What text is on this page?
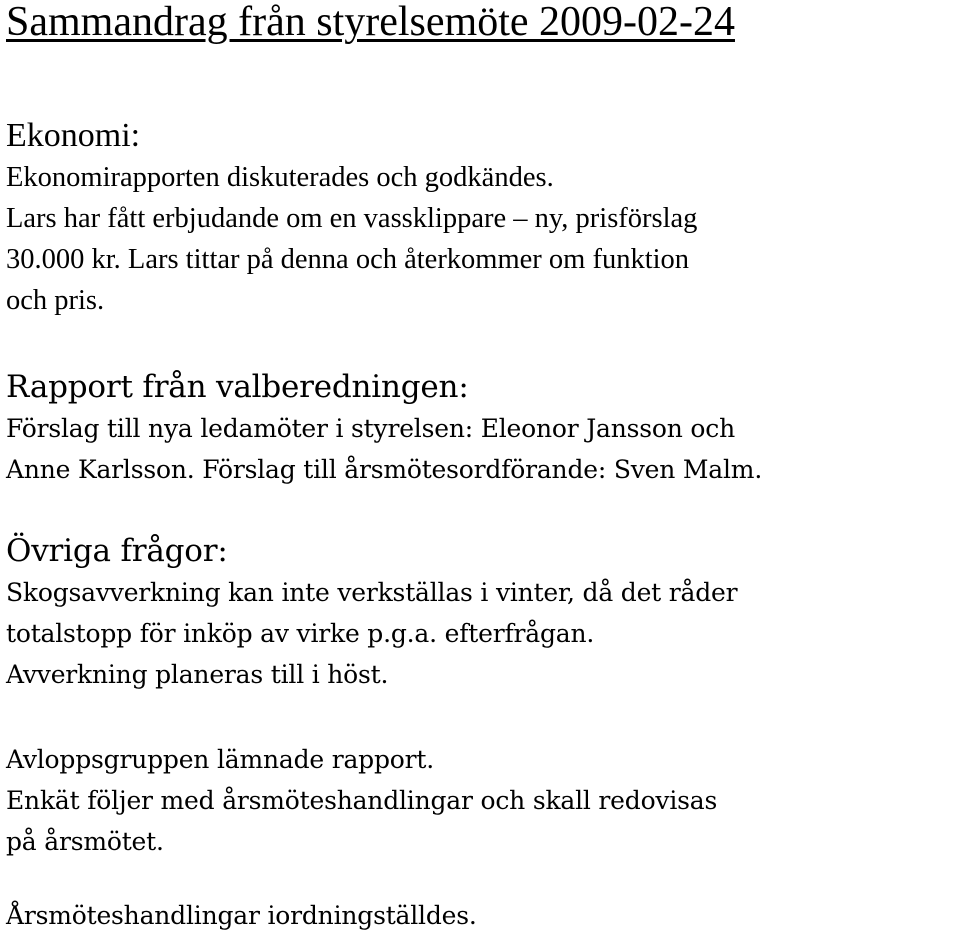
Sammandrag från styrelsemöte 2009-02-24

Ekonomi:

Ekonomirapporten diskuterades och godkändes.

Lars har fått erbjudande om en vassklippare – ny, prisförslag

30.000 kr. Lars tittar på denna och återkommer om funktion

och pris.

Rapport från valberedningen:

Förslag till nya ledamöter i styrelsen: Eleonor Jansson och

Anne Karlsson. Förslag till årsmötesordförande: Sven Malm.

Övriga frågor:

Skogsavverkning kan inte verkställas i vinter, då det råder

totalstopp för inköp av virke p.g.a. efterfrågan.

Avverkning planeras till i höst.

Avloppsgruppen lämnade rapport.

Enkät följer med årsmöteshandlingar och skall redovisas

på årsmötet.

Årsmöteshandlingar iordningställdes.
